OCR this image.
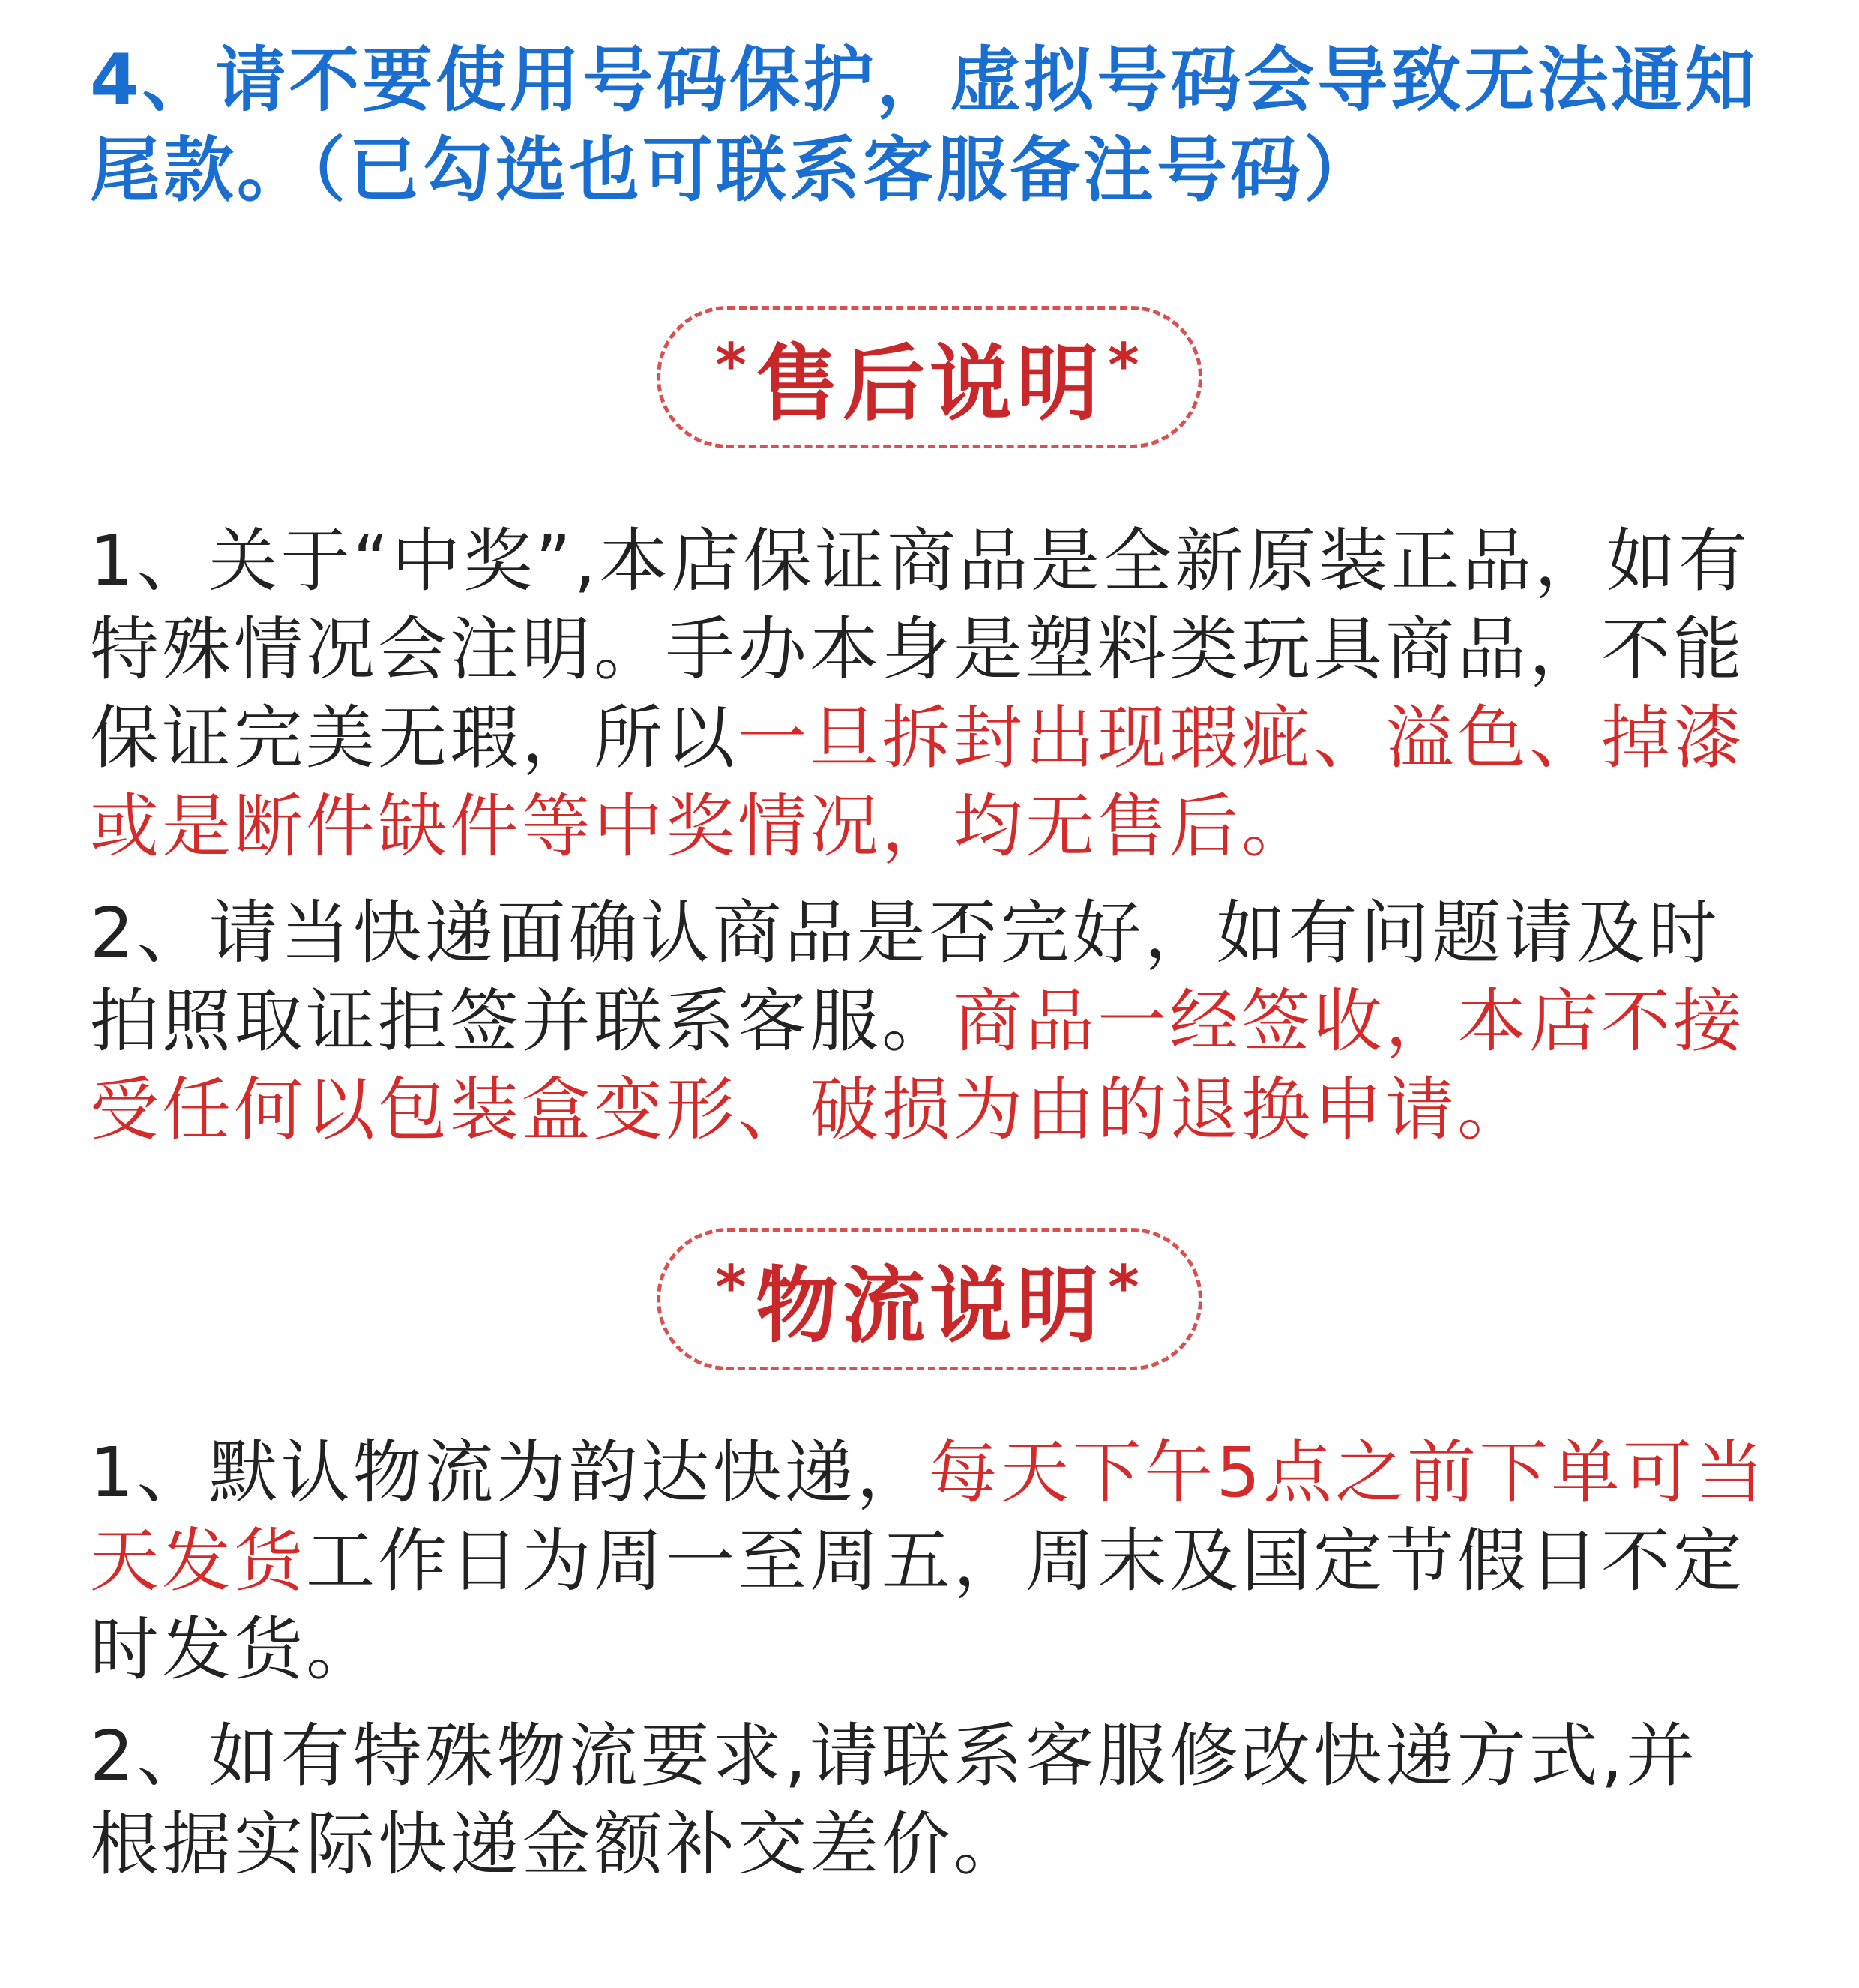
4、请不要使用号码保护，虚拟号码会导致无法通知尾款。（已勾选也可联系客服备注号码）

* 售后说明 *

1、关于“中奖”,本店保证商品是全新原装正品，如有特殊情况会注明。手办本身是塑料类玩具商品，不能保证完美无瑕，所以一旦拆封出现瑕疵、溢色、掉漆或是断件缺件等中奖情况，均无售后。

2、请当快递面确认商品是否完好，如有问题请及时拍照取证拒签并联系客服。商品一经签收，本店不接受任何以包装盒变形、破损为由的退换申请。

* 物流说明 *

1、默认物流为韵达快递，每天下午5点之前下单可当天发货工作日为周一至周五，周末及国定节假日不定时发货。

2、如有特殊物流要求,请联系客服修改快递方式,并根据实际快递金额补交差价。
